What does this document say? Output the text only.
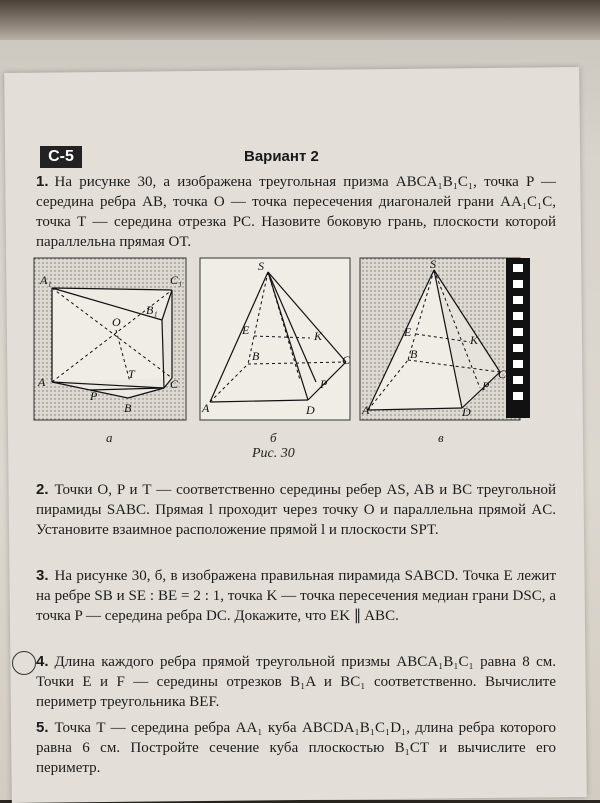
С-5	Вариант 2
1. На рисунке 30, а изображена треугольная призма ABCA₁B₁C₁, точка P — середина ребра AB, точка O — точка пересечения диагоналей грани AA₁C₁C, точка T — середина отрезка PC. Назовите боковую грань, плоскости которой параллельна прямая OT.
A₁	C₁
B₁
O
T
A
P
B
C
а
S
E	K
B	C
P
A	D
б
S
E
K
B
C
P
A	D
в
Рис. 30
2. Точки O, P и T — соответственно середины ребер AS, AB и BC треугольной пирамиды SABC. Прямая l проходит через точку O и параллельна прямой AC. Установите взаимное расположение прямой l и плоскости SPT.
3. На рисунке 30, б, в изображена правильная пирамида SABCD. Точка E лежит на ребре SB и SE : BE = 2 : 1, точка K — точка пересечения медиан грани DSC, а точка P — середина ребра DC. Докажите, что EK ∥ ABC.
4. Длина каждого ребра прямой треугольной призмы ABCA₁B₁C₁ равна 8 см. Точки E и F — середины отрезков B₁A и BC₁ соответственно. Вычислите периметр треугольника BEF.
5. Точка T — середина ребра AA₁ куба ABCDA₁B₁C₁D₁, длина ребра которого равна 6 см. Постройте сечение куба плоскостью B₁CT и вычислите его периметр.
